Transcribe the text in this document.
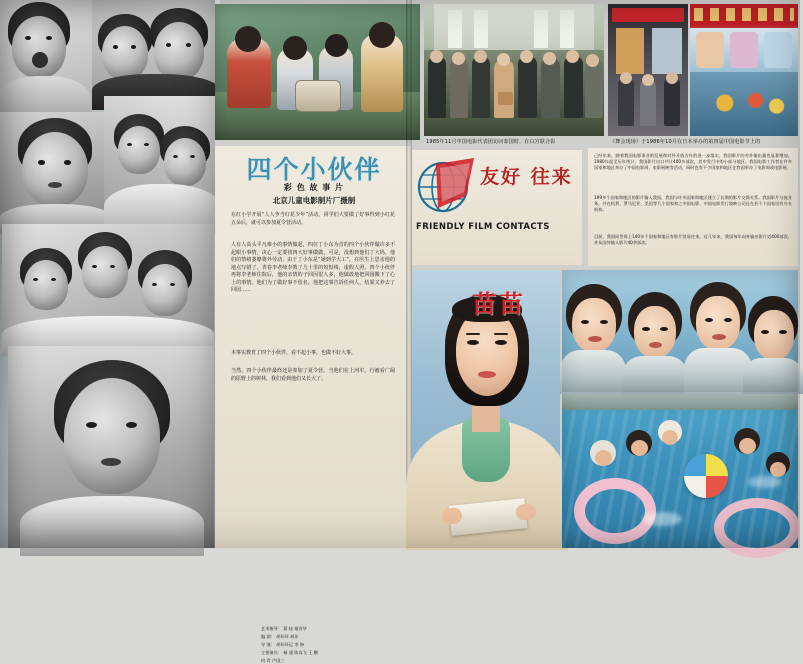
1985年11月中国电影代表团访问泰国时，在白宫联合影	《舞会现场》于1986年10月在日本举办的第四届中国电影节上的
四个小伙伴
彩 色 故 事 片
北京儿童电影制片厂摄制
在红小学开展“人人争当红花少年”活动。同学们大要做了好事得到小红花五朵后，就可以参加夏令营活动。
人有人高头平凡难小的事情做起，四位丁小东为首的四个小伙伴做许多不起眼小事情，决心一定要找四大好事做做。可是，没想到他们丁大妈。他们的情绪萎靡将外劳动。由于丁小东是“她到学大工”，在医生上思亲他的地点写错了，青春李老师李教了几十里的短短线，虚假人照。四个小伙伴再将李老师住院后，他的亲情的子回因很人多，他做敢地把回园搬下了心上的事情。他们为了做好事不留名。他把这事告诉任何人，结果又养去了回园……
本事实教育了四个小伙伴，看不起小事，也做不好大事。
当然，四个小伙伴最终还是参加了夏令营。当他们在上河车，行被看广阔的原野上的树林，我们看到他们又长大了。
艺术指导： 葛 桂 谢晋华
编 剧： 胡环环 胡环
导 演： 胡环环运 李 修
主要演员： 杨 通 陈岛飞 王 鹏
何 青 卢国三
友好 往来
FRIENDLY FILM CONTACTS
己经年来，随着我国电影事业的发展和对外开放方针的进一步落实，我国影片的对外输出量也显著增加。1980年起至历年统计，我国影片出口共计400多部次，其中发行中的小部分地区。我国电影工作者在许多国家和地区举办了中国电影周、电影展映等活动，同时也有不少国家和地区在我国举办了电影周或电影展。
199多个国家和地区的影片输入我国，我国与许多国家和地区建立了长期的影片交换关系。我国影片分流业务，并在机利、罗马尼亚、美国等几个国家和之中国电影、中国电影发行放映公司还在若干个国家设有分支机构。
目前，我国同世界上140多个国家和地区有影片贸易往来。近几年来，我国每年向外输出影片近400部次，并从国外输入影片40余部次。
苗苗
